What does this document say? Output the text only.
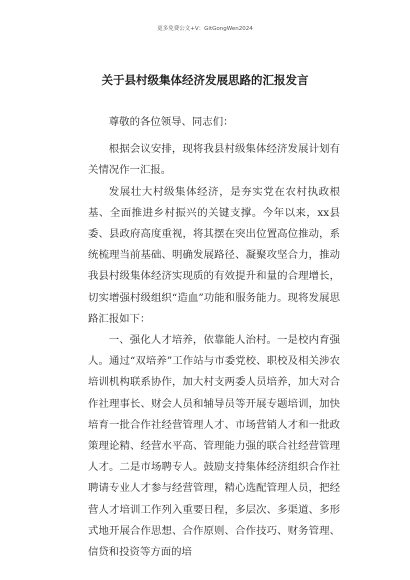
更多免费公文+V：GitGongWen2024
关于县村级集体经济发展思路的汇报发言

尊敬的各位领导、同志们：

根据会议安排，现将我县村级集体经济发展计划有关情况作一汇报。

发展壮大村级集体经济，是夯实党在农村执政根基、全面推进乡村振兴的关键支撑。今年以来，xx县委、县政府高度重视，将其摆在突出位置高位推动，系统梳理当前基础、明确发展路径、凝聚攻坚合力，推动我县村级集体经济实现质的有效提升和量的合理增长，切实增强村级组织“造血”功能和服务能力。现将发展思路汇报如下：

一、强化人才培养，依靠能人治村。一是校内育强人。通过“双培养”工作站与市委党校、职校及相关涉农培训机构联系协作，加大村支两委人员培养，加大对合作社理事长、财会人员和辅导员等开展专题培训，加快培育一批合作社经营管理人才、市场营销人才和一批政策理论精、经营水平高、管理能力强的联合社经营管理人才。二是市场聘专人。鼓励支持集体经济组织合作社聘请专业人才参与经营管理，精心选配管理人员，把经营人才培训工作列入重要日程，多层次、多渠道、多形式地开展合作思想、合作原则、合作技巧、财务管理、信贷和投资等方面的培
